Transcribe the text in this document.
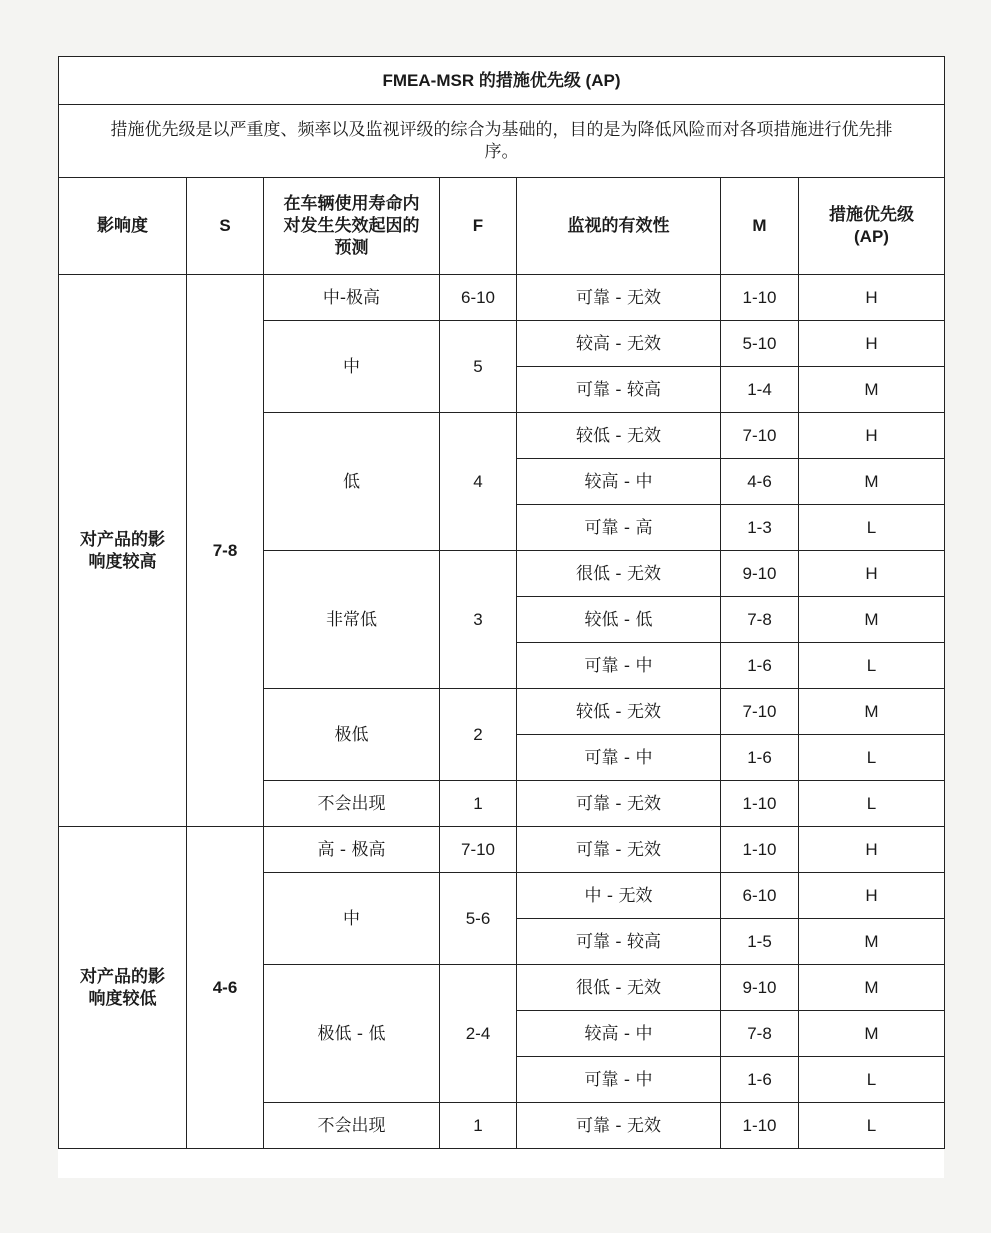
FMEA-MSR 的措施优先级 (AP)						
措施优先级是以严重度、频率以及监视评级的综合为基础的，目的是为降低风险而对各项措施进行优先排
序。						

影响度	S	在车辆使用寿命内
对发生失效起因的
预测	F	监视的有效性	M	措施优先级
(AP)
对产品的影
响度较高	7-8	中-极高	6-10	可靠 - 无效	1-10	H
		中	5	较高 - 无效	5-10	H
				可靠 - 较高	1-4	M
		低	4	较低 - 无效	7-10	H
				较高 - 中	4-6	M
				可靠 - 高	1-3	L
		非常低	3	很低 - 无效	9-10	H
				较低 - 低	7-8	M
				可靠 - 中	1-6	L
		极低	2	较低 - 无效	7-10	M
				可靠 - 中	1-6	L
		不会出现	1	可靠 - 无效	1-10	L
对产品的影
响度较低	4-6	高 - 极高	7-10	可靠 - 无效	1-10	H
		中	5-6	中 - 无效	6-10	H
				可靠 - 较高	1-5	M
		极低 - 低	2-4	很低 - 无效	9-10	M
				较高 - 中	7-8	M
				可靠 - 中	1-6	L
		不会出现	1	可靠 - 无效	1-10	L
